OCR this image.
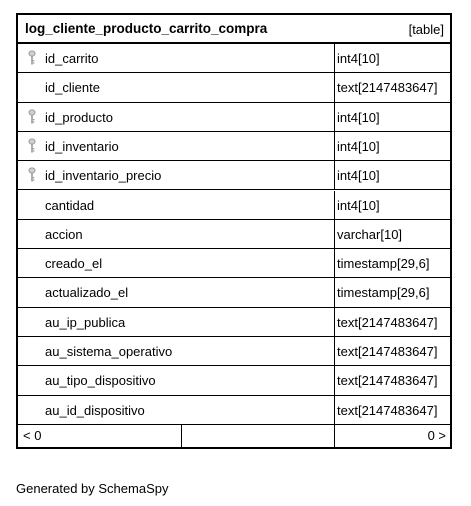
log_cliente_producto_carrito_compra	[table]
id_carrito	int4[10]
id_cliente	text[2147483647]
id_producto	int4[10]
id_inventario	int4[10]
id_inventario_precio	int4[10]
cantidad	int4[10]
accion	varchar[10]
creado_el	timestamp[29,6]
actualizado_el	timestamp[29,6]
au_ip_publica	text[2147483647]
au_sistema_operativo	text[2147483647]
au_tipo_dispositivo	text[2147483647]
au_id_dispositivo	text[2147483647]
< 0	0 >
Generated by SchemaSpy
